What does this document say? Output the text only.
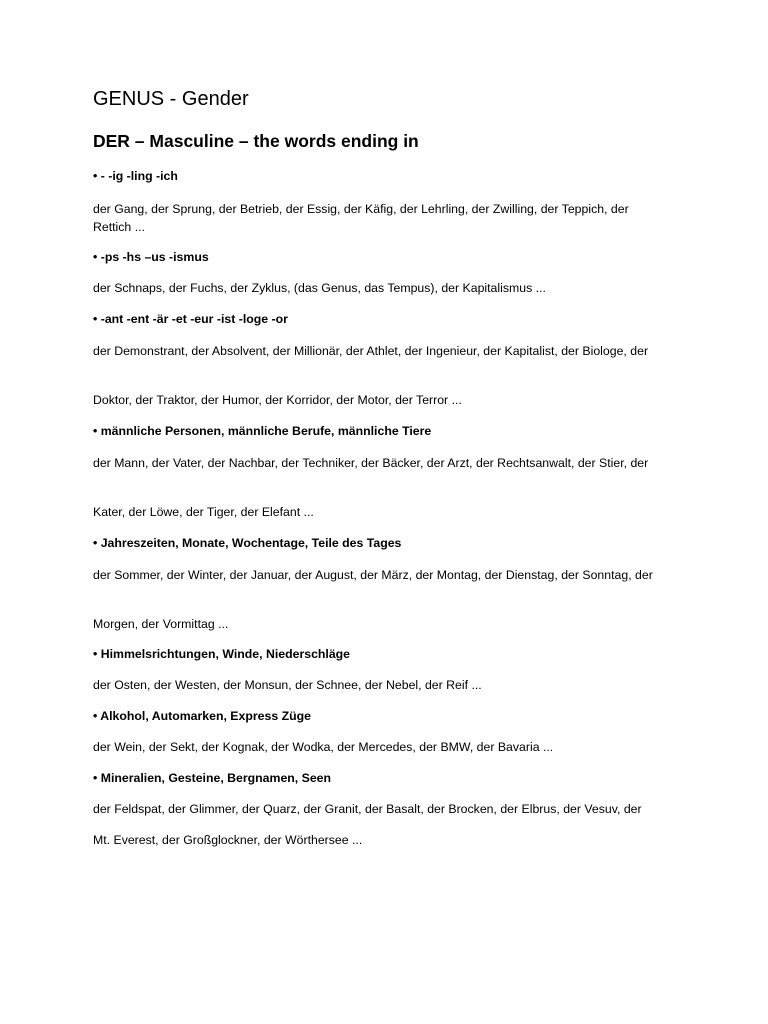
GENUS - Gender
DER – Masculine – the words ending in

• - -ig -ling -ich

der Gang, der Sprung, der Betrieb, der Essig, der Käfig, der Lehrling, der Zwilling, der Teppich, der Rettich ...

• -ps -hs –us -ismus

der Schnaps, der Fuchs, der Zyklus, (das Genus, das Tempus), der Kapitalismus ...

• -ant -ent -är -et -eur -ist -loge -or

der Demonstrant, der Absolvent, der Millionär, der Athlet, der Ingenieur, der Kapitalist, der Biologe, der

Doktor, der Traktor, der Humor, der Korridor, der Motor, der Terror ...

• männliche Personen, männliche Berufe, männliche Tiere

der Mann, der Vater, der Nachbar, der Techniker, der Bäcker, der Arzt, der Rechtsanwalt, der Stier, der

Kater, der Löwe, der Tiger, der Elefant ...

• Jahreszeiten, Monate, Wochentage, Teile des Tages

der Sommer, der Winter, der Januar, der August, der März, der Montag, der Dienstag, der Sonntag, der

Morgen, der Vormittag ...

• Himmelsrichtungen, Winde, Niederschläge

der Osten, der Westen, der Monsun, der Schnee, der Nebel, der Reif ...

• Alkohol, Automarken, Express Züge

der Wein, der Sekt, der Kognak, der Wodka, der Mercedes, der BMW, der Bavaria ...

• Mineralien, Gesteine, Bergnamen, Seen

der Feldspat, der Glimmer, der Quarz, der Granit, der Basalt, der Brocken, der Elbrus, der Vesuv, der

Mt. Everest, der Großglockner, der Wörthersee ...
